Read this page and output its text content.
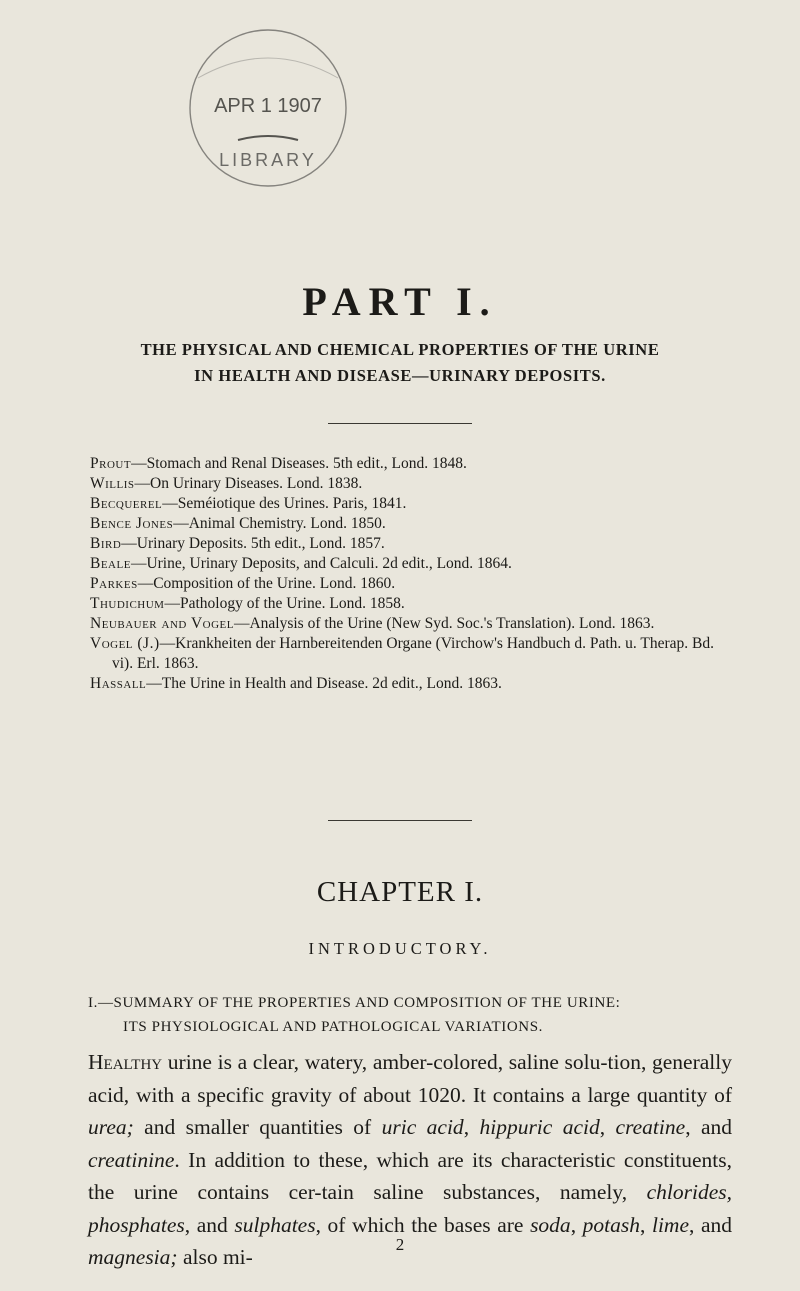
APR 1 1907
LIBRARY
PART I.
THE PHYSICAL AND CHEMICAL PROPERTIES OF THE URINE
IN HEALTH AND DISEASE—URINARY DEPOSITS.

Prout—Stomach and Renal Diseases. 5th edit., Lond. 1848.

Willis—On Urinary Diseases. Lond. 1838.

Becquerel—Seméiotique des Urines. Paris, 1841.

Bence Jones—Animal Chemistry. Lond. 1850.

Bird—Urinary Deposits. 5th edit., Lond. 1857.

Beale—Urine, Urinary Deposits, and Calculi. 2d edit., Lond. 1864.

Parkes—Composition of the Urine. Lond. 1860.

Thudichum—Pathology of the Urine. Lond. 1858.

Neubauer and Vogel—Analysis of the Urine (New Syd. Soc.'s Translation). Lond. 1863.

Vogel (J.)—Krankheiten der Harnbereitenden Organe (Virchow's Handbuch d. Path. u. Therap. Bd. vi). Erl. 1863.

Hassall—The Urine in Health and Disease. 2d edit., Lond. 1863.

CHAPTER I.
INTRODUCTORY.
I.—SUMMARY OF THE PROPERTIES AND COMPOSITION OF THE URINE:
ITS PHYSIOLOGICAL AND PATHOLOGICAL VARIATIONS.

Healthy urine is a clear, watery, amber-colored, saline solu-tion, generally acid, with a specific gravity of about 1020. It contains a large quantity of urea; and smaller quantities of uric acid, hippuric acid, creatine, and creatinine. In addition to these, which are its characteristic constituents, the urine contains cer-tain saline substances, namely, chlorides, phosphates, and sulphates, of which the bases are soda, potash, lime, and magnesia; also mi-

2
